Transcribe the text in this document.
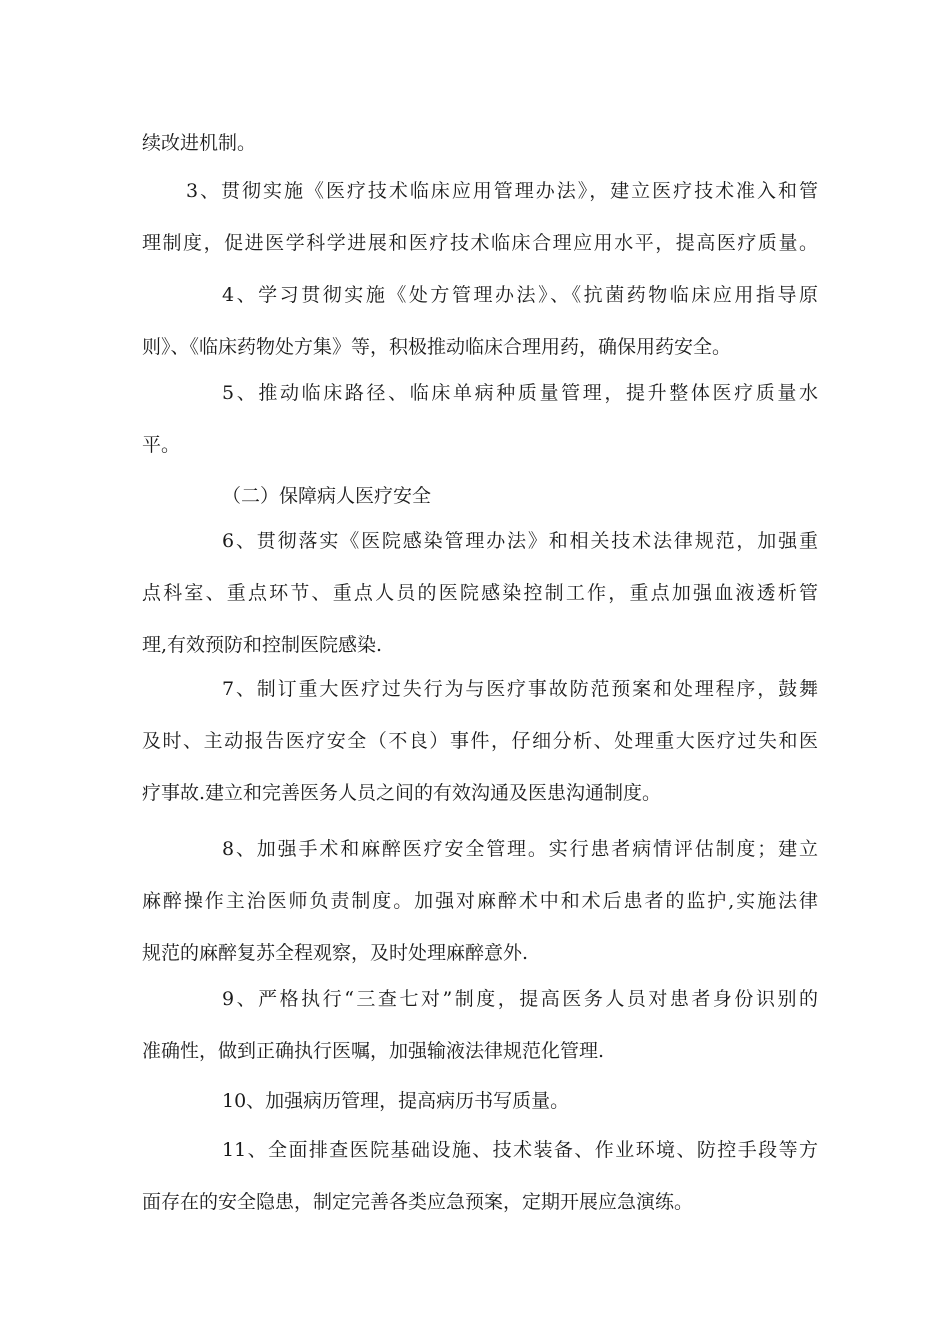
续改进机制。
3、贯彻实施《医疗技术临床应用管理办法》，建立医疗技术准入和管
理制度，促进医学科学进展和医疗技术临床合理应用水平，提高医疗质量。
4、学习贯彻实施《处方管理办法》、《抗菌药物临床应用指导原
则》、《临床药物处方集》等，积极推动临床合理用药，确保用药安全。
5、推动临床路径、临床单病种质量管理，提升整体医疗质量水
平。
（二）保障病人医疗安全
6、贯彻落实《医院感染管理办法》和相关技术法律规范，加强重
点科室、重点环节、重点人员的医院感染控制工作，重点加强血液透析管
理,有效预防和控制医院感染.
7、制订重大医疗过失行为与医疗事故防范预案和处理程序，鼓舞
及时、主动报告医疗安全（不良）事件，仔细分析、处理重大医疗过失和医
疗事故.建立和完善医务人员之间的有效沟通及医患沟通制度。
8、加强手术和麻醉医疗安全管理。实行患者病情评估制度；建立
麻醉操作主治医师负责制度。加强对麻醉术中和术后患者的监护,实施法律
规范的麻醉复苏全程观察，及时处理麻醉意外.
9、严格执行“三查七对”制度，提高医务人员对患者身份识别的
准确性，做到正确执行医嘱，加强输液法律规范化管理.
10、加强病历管理，提高病历书写质量。
11、全面排查医院基础设施、技术装备、作业环境、防控手段等方
面存在的安全隐患，制定完善各类应急预案，定期开展应急演练。
